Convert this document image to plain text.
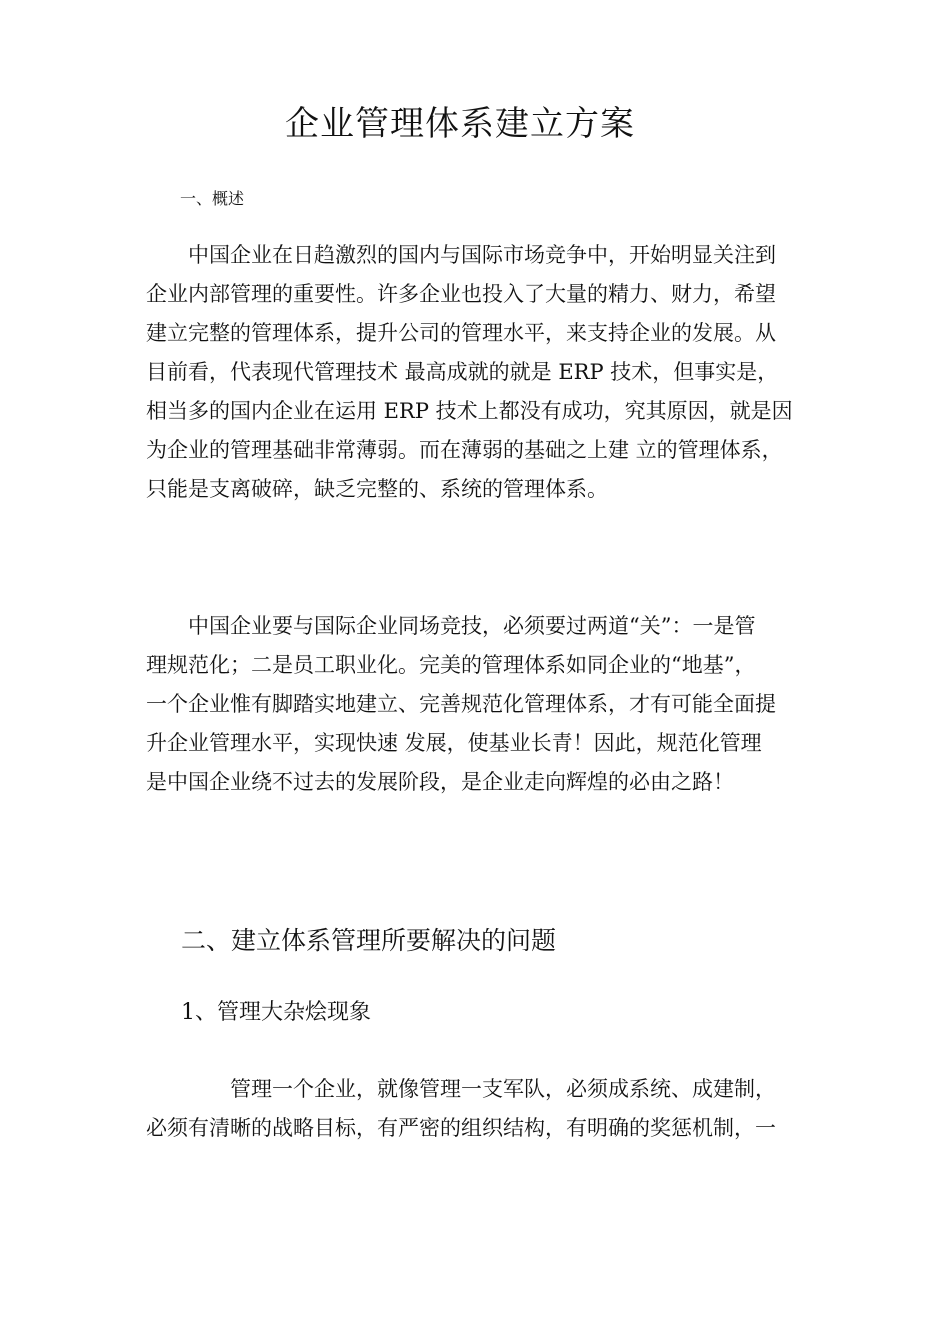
企业管理体系建立方案
一、概述
　　中国企业在日趋激烈的国内与国际市场竞争中，开始明显关注到
企业内部管理的重要性。许多企业也投入了大量的精力、财力，希望
建立完整的管理体系，提升公司的管理水平，来支持企业的发展。从
目前看，代表现代管理技术 最高成就的就是 ERP 技术，但事实是，
相当多的国内企业在运用 ERP 技术上都没有成功，究其原因，就是因
为企业的管理基础非常薄弱。而在薄弱的基础之上建 立的管理体系，
只能是支离破碎，缺乏完整的、系统的管理体系。
　　中国企业要与国际企业同场竞技，必须要过两道“关”：一是管
理规范化；二是员工职业化。完美的管理体系如同企业的“地基”，
一个企业惟有脚踏实地建立、完善规范化管理体系，才有可能全面提
升企业管理水平，实现快速 发展，使基业长青！因此，规范化管理
是中国企业绕不过去的发展阶段，是企业走向辉煌的必由之路！
二、建立体系管理所要解决的问题
1、管理大杂烩现象
　　　　管理一个企业，就像管理一支军队，必须成系统、成建制，
必须有清晰的战略目标，有严密的组织结构，有明确的奖惩机制，一
